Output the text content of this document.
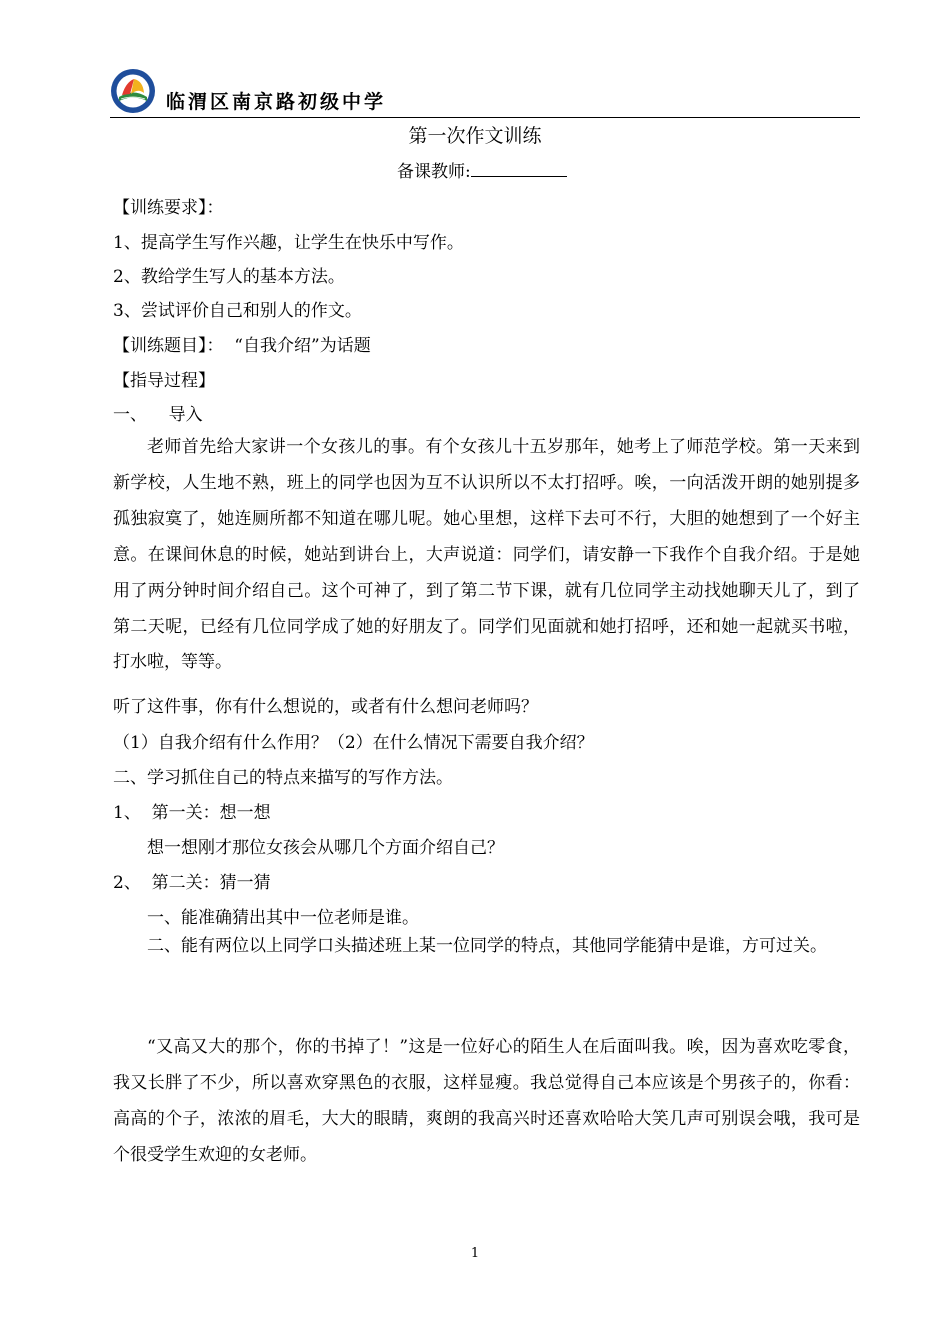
临渭区南京路初级中学
第一次作文训练
备课教师:
【训练要求】：
1、提高学生写作兴趣，让学生在快乐中写作。
2、教给学生写人的基本方法。
3、尝试评价自己和别人的作文。
【训练题目】：  “自我介绍”为话题
【指导过程】
一、    导入
老师首先给大家讲一个女孩儿的事。有个女孩儿十五岁那年，她考上了师范学校。第一天来到新学校，人生地不熟，班上的同学也因为互不认识所以不太打招呼。唉，一向活泼开朗的她别提多孤独寂寞了，她连厕所都不知道在哪儿呢。她心里想，这样下去可不行，大胆的她想到了一个好主意。在课间休息的时候，她站到讲台上，大声说道：同学们，请安静一下我作个自我介绍。于是她用了两分钟时间介绍自己。这个可神了，到了第二节下课，就有几位同学主动找她聊天儿了，到了第二天呢，已经有几位同学成了她的好朋友了。同学们见面就和她打招呼，还和她一起就买书啦，打水啦，等等。
听了这件事，你有什么想说的，或者有什么想问老师吗？
（1）自我介绍有什么作用？（2）在什么情况下需要自我介绍？
二、学习抓住自己的特点来描写的写作方法。
1、  第一关：想一想
想一想刚才那位女孩会从哪几个方面介绍自己？
2、  第二关：猜一猜
一、能准确猜出其中一位老师是谁。
二、能有两位以上同学口头描述班上某一位同学的特点，其他同学能猜中是谁，方可过关。
“又高又大的那个，你的书掉了！”这是一位好心的陌生人在后面叫我。唉，因为喜欢吃零食，我又长胖了不少，所以喜欢穿黑色的衣服，这样显瘦。我总觉得自己本应该是个男孩子的，你看：高高的个子，浓浓的眉毛，大大的眼睛，爽朗的我高兴时还喜欢哈哈大笑几声可别误会哦，我可是个很受学生欢迎的女老师。
1
